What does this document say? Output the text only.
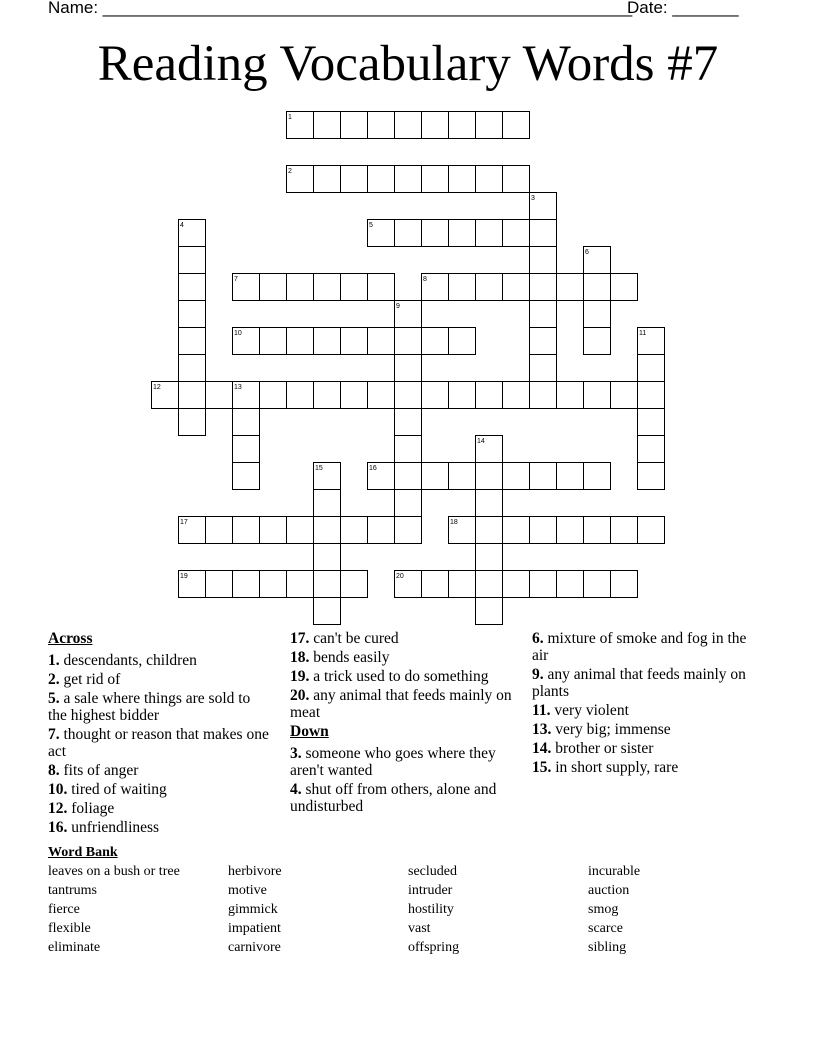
Name: ________________________________________________________
Date: _______
Reading Vocabulary Words #7
1
2
3
4	5
6
7	8
9
10	11
12	13
14
15	16
17	18
19	20
Across
1. descendants, children
2. get rid of
5. a sale where things are sold to the highest bidder
7. thought or reason that makes one act
8. fits of anger
10. tired of waiting
12. foliage
16. unfriendliness
17. can't be cured
18. bends easily
19. a trick used to do something
20. any animal that feeds mainly on meat
Down
3. someone who goes where they aren't wanted
4. shut off from others, alone and undisturbed
6. mixture of smoke and fog in the air
9. any animal that feeds mainly on plants
11. very violent
13. very big; immense
14. brother or sister
15. in short supply, rare
Word Bank
leaves on a bush or tree	herbivore	secluded	incurable
tantrums	motive	intruder	auction
fierce	gimmick	hostility	smog
flexible	impatient	vast	scarce
eliminate	carnivore	offspring	sibling
